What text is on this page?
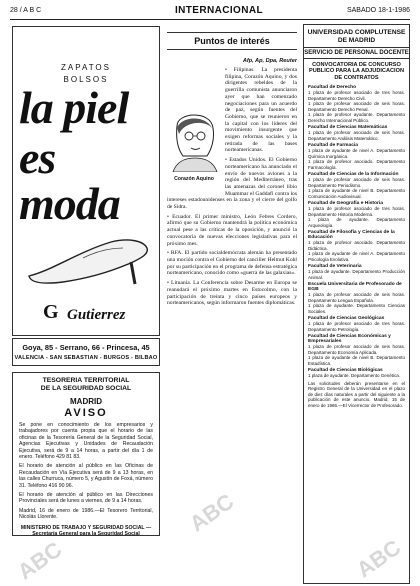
28 / A B C	INTERNACIONAL	SABADO 18-1-1986
ZAPATOS
BOLSOS
la piel
es moda
G Gutierrez
Goya, 85 - Serrano, 66 - Princesa, 45
VALENCIA - SAN SEBASTIAN - BURGOS - BILBAO
TESORERIA TERRITORIAL
DE LA SEGURIDAD SOCIAL
MADRID
AVISO
Se pone en conocimiento de los empresarios y trabajadores por cuenta propia que el horario de las oficinas de la Tesorería General de la Seguridad Social, Agencias Ejecutivas y Unidades de Recaudación Ejecutiva, será de 9 a 14 horas, a partir del día 1 de enero. Teléfono 429 81 83.
El horario de atención al público en las Oficinas de Recaudación en Vía Ejecutiva será de 9 a 13 horas, en las calles Churruca, número 5, y Agustín de Foxá, número 31. Teléfono 416 90 96.
El horario de atención al público en las Direcciones Provinciales será de lunes a viernes, de 9 a 14 horas.
Madrid, 16 de enero de 1986.—El Tesorero Territorial, Nicolás Llorente.
MINISTERIO DE TRABAJO Y SEGURIDAD SOCIAL — Secretaría General para la Seguridad Social
Puntos de interés
Afp, Ap, Dpa, Reuter
Corazón Aquino

• Filipinas. La presidenta filipina, Corazón Aquino, y dos dirigentes rebeldes de la guerrilla comunista anunciaron ayer que han comenzado negociaciones para un acuerdo de paz, según fuentes del Gobierno, que se reunieron en la capital con los líderes del movimiento insurgente que exigen reformas sociales y la retirada de las bases norteamericanas.

• Estados Unidos. El Gobierno norteamericano ha anunciado el envío de nuevos aviones a la región del Mediterráneo, tras las amenazas del coronel libio Muammar el Gaddafi contra los intereses estadounidenses en la zona y el cierre del golfo de Sidra.

• Ecuador. El primer ministro, León Febres Cordero, afirmó que su Gobierno mantendrá la política económica actual pese a las críticas de la oposición, y anunció la convocatoria de nuevas elecciones legislativas para el próximo mes.

• RFA. El partido socialdemócrata alemán ha presentado una moción contra el Gobierno del canciller Helmut Kohl por su participación en el programa de defensa estratégica norteamericano, conocido como «guerra de las galaxias».

• Lituania. La Conferencia sobre Desarme en Europa se reanudará el próximo martes en Estocolmo, con la participación de treinta y cinco países europeos y norteamericanos, según informaron fuentes diplomáticas.

UNIVERSIDAD COMPLUTENSE
DE MADRID
SERVICIO DE PERSONAL DOCENTE
CONVOCATORIA DE CONCURSO PUBLICO PARA LA ADJUDICACION DE CONTRATOS
Facultad de Derecho
1 plaza de profesor asociado de tres horas. Departamento Derecho Civil.
1 plaza de profesor asociado de seis horas. Departamento Derecho Penal.
1 plaza de profesor ayudante. Departamento Derecho Internacional Público.
Facultad de Ciencias Matemáticas
1 plaza de profesor asociado de seis horas. Departamento Análisis Matemático.
Facultad de Farmacia
1 plaza de ayudante de nivel A. Departamento Química Inorgánica.
1 plaza de profesor asociado. Departamento Farmacología.
Facultad de Ciencias de la Información
1 plaza de profesor asociado de seis horas. Departamento Periodismo.
1 plaza de ayudante de nivel B. Departamento Comunicación Audiovisual.
Facultad de Geografía e Historia
1 plaza de profesor asociado de tres horas. Departamento Historia Moderna.
1 plaza de ayudante. Departamento Arqueología.
Facultad de Filosofía y Ciencias de la Educación
1 plaza de profesor asociado. Departamento Didáctica.
1 plaza de ayudante de nivel A. Departamento Psicología Evolutiva.
Facultad de Veterinaria
1 plaza de ayudante. Departamento Producción Animal.
Escuela Universitaria de Profesorado de EGB
1 plaza de profesor asociado de seis horas. Departamento Lengua Española.
1 plaza de ayudante. Departamento Ciencias Sociales.
Facultad de Ciencias Geológicas
1 plaza de profesor asociado de tres horas. Departamento Petrología.
Facultad de Ciencias Económicas y Empresariales
1 plaza de profesor asociado de seis horas. Departamento Economía Aplicada.
1 plaza de ayudante de nivel B. Departamento Estadística.
Facultad de Ciencias Biológicas
1 plaza de ayudante. Departamento Genética.
Las solicitudes deberán presentarse en el Registro General de la Universidad en el plazo de diez días naturales a partir del siguiente a la publicación de este anuncio. Madrid, 15 de enero de 1986.—El Vicerrector de Profesorado.
ABC
ABC
ABC
